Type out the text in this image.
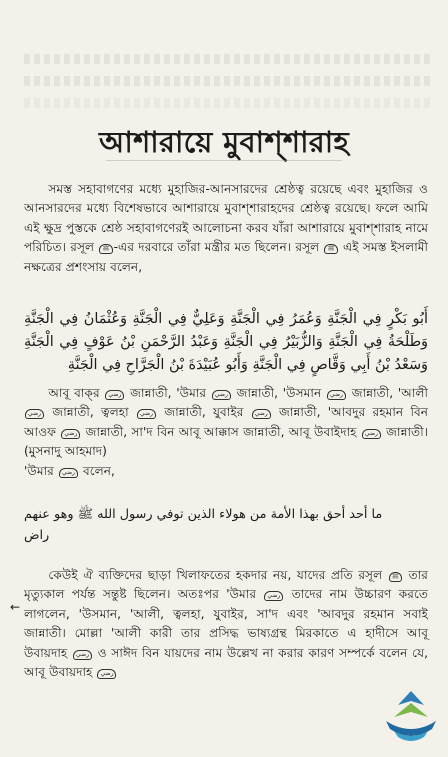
আশারায়ে মুবাশ্‌শারাহ
  সমস্ত সহাবাগণের মধ্যে মুহাজির-আনসারদের শ্রেষ্ঠত্ব রয়েছে এবং মুহাজির ও আনসারদের মধ্যে বিশেষভাবে আশারায়ে মুবাশ্‌শারাহদের শ্রেষ্ঠত্ব রয়েছে। ফলে আমি এই ক্ষুদ্র পুস্তকে শ্রেষ্ঠ সহাবাগণেরই আলোচনা করব যাঁরা আশারায়ে মুবাশ্‌শারাহ নামে পরিচিত। রসূল ﷺ -এর দরবারে তাঁরা মন্ত্রীর মত ছিলেন। রসূল ﷺ এই সমস্ত ইসলামী নক্ষত্রের প্রশংসায় বলেন,
أَبُو بَكْرٍ فِي الْجَنَّةِ وَعُمَرُ فِي الْجَنَّةِ وَعَلِيٌّ فِي الْجَنَّةِ وَعُثْمَانُ فِي الْجَنَّةِ وَطَلْحَةُ فِي الْجَنَّةِ وَالزُّبَيْرُ فِي الْجَنَّةِ وَعَبْدُ الرَّحْمَنِ بْنُ عَوْفٍ فِي الْجَنَّةِ وَسَعْدُ بْنُ أَبِي وَقَّاصٍ فِي الْجَنَّةِ وَأَبُو عُبَيْدَةَ بْنُ الْجَرَّاحِ فِي الْجَنَّةِ
  আবূ বাক্‌র رضي জান্নাতী, 'উমার رضي জান্নাতী, 'উসমান رضي জান্নাতী, 'আলী رضي জান্নাতী, ত্বলহা رضي জান্নাতী, যুবাইর رضي জান্নাতী, 'আবদুর রহমান বিন আওফ رضي জান্নাতী, সা'দ বিন আবূ আক্কাস জান্নাতী, আবূ উবাইদাহ رضي জান্নাতী। (মুসনাদু আহমাদ)
'উমার رضي বলেন,
ما أحد أحق بهذا الأمة من هولاء الذين توفي رسول الله ﷺ وهو عنهم
راض
  কেউই ঐ ব্যক্তিদের ছাড়া খিলাফতের হকদার নয়, যাদের প্রতি রসূল ﷺ তার মৃত্যুকাল পর্যন্ত সন্তুষ্ট ছিলেন। অতঃপর 'উমার رضي তাদের নাম উচ্চারণ করতে লাগলেন, 'উসমান, 'আলী, ত্বলহা, যুবাইর, সা'দ এবং 'আবদুর রহমান সবাই জান্নাতী। মোল্লা 'আলী কারী তার প্রসিদ্ধ ভাষ্যগ্রন্থ মিরকাতে এ হাদীসে আবূ উবায়দাহ رضي ও সাঈদ বিন যায়দের নাম উল্লেখ না করার কারণ সম্পর্কে বলেন যে, আবূ উবায়দাহ رضي
←
